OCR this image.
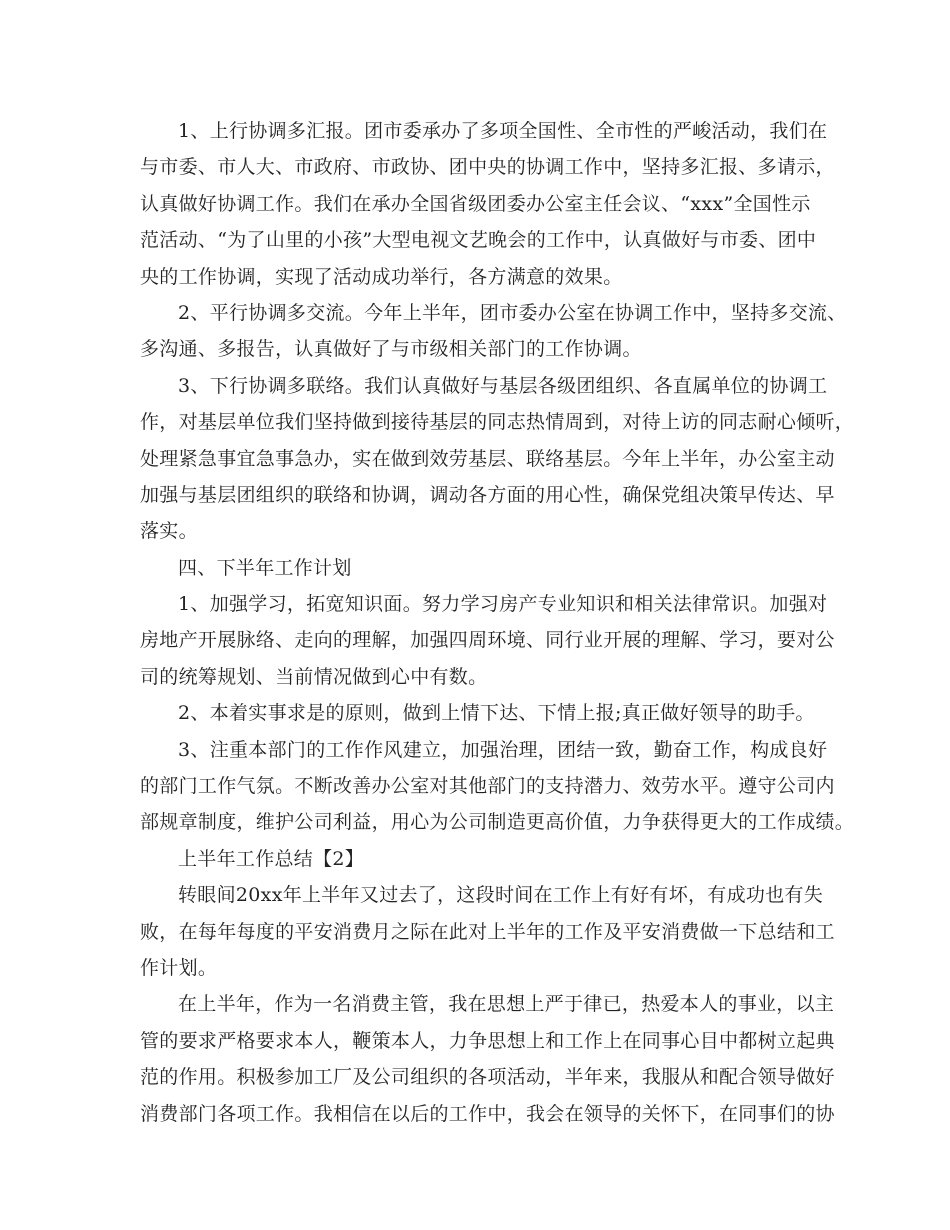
1、上行协调多汇报。团市委承办了多项全国性、全市性的严峻活动，我们在
与市委、市人大、市政府、市政协、团中央的协调工作中，坚持多汇报、多请示，
认真做好协调工作。我们在承办全国省级团委办公室主任会议、“xxx”全国性示
范活动、“为了山里的小孩”大型电视文艺晚会的工作中，认真做好与市委、团中
央的工作协调，实现了活动成功举行，各方满意的效果。
2、平行协调多交流。今年上半年，团市委办公室在协调工作中，坚持多交流、
多沟通、多报告，认真做好了与市级相关部门的工作协调。
3、下行协调多联络。我们认真做好与基层各级团组织、各直属单位的协调工
作，对基层单位我们坚持做到接待基层的同志热情周到，对待上访的同志耐心倾听，
处理紧急事宜急事急办，实在做到效劳基层、联络基层。今年上半年，办公室主动
加强与基层团组织的联络和协调，调动各方面的用心性，确保党组决策早传达、早
落实。
四、下半年工作计划
1、加强学习，拓宽知识面。努力学习房产专业知识和相关法律常识。加强对
房地产开展脉络、走向的理解，加强四周环境、同行业开展的理解、学习，要对公
司的统筹规划、当前情况做到心中有数。
2、本着实事求是的原则，做到上情下达、下情上报;真正做好领导的助手。
3、注重本部门的工作作风建立，加强治理，团结一致，勤奋工作，构成良好
的部门工作气氛。不断改善办公室对其他部门的支持潜力、效劳水平。遵守公司内
部规章制度，维护公司利益，用心为公司制造更高价值，力争获得更大的工作成绩。
上半年工作总结【2】
转眼间20xx年上半年又过去了，这段时间在工作上有好有坏，有成功也有失
败，在每年每度的平安消费月之际在此对上半年的工作及平安消费做一下总结和工
作计划。
在上半年，作为一名消费主管，我在思想上严于律已，热爱本人的事业，以主
管的要求严格要求本人，鞭策本人，力争思想上和工作上在同事心目中都树立起典
范的作用。积极参加工厂及公司组织的各项活动，半年来，我服从和配合领导做好
消费部门各项工作。我相信在以后的工作中，我会在领导的关怀下，在同事们的协
